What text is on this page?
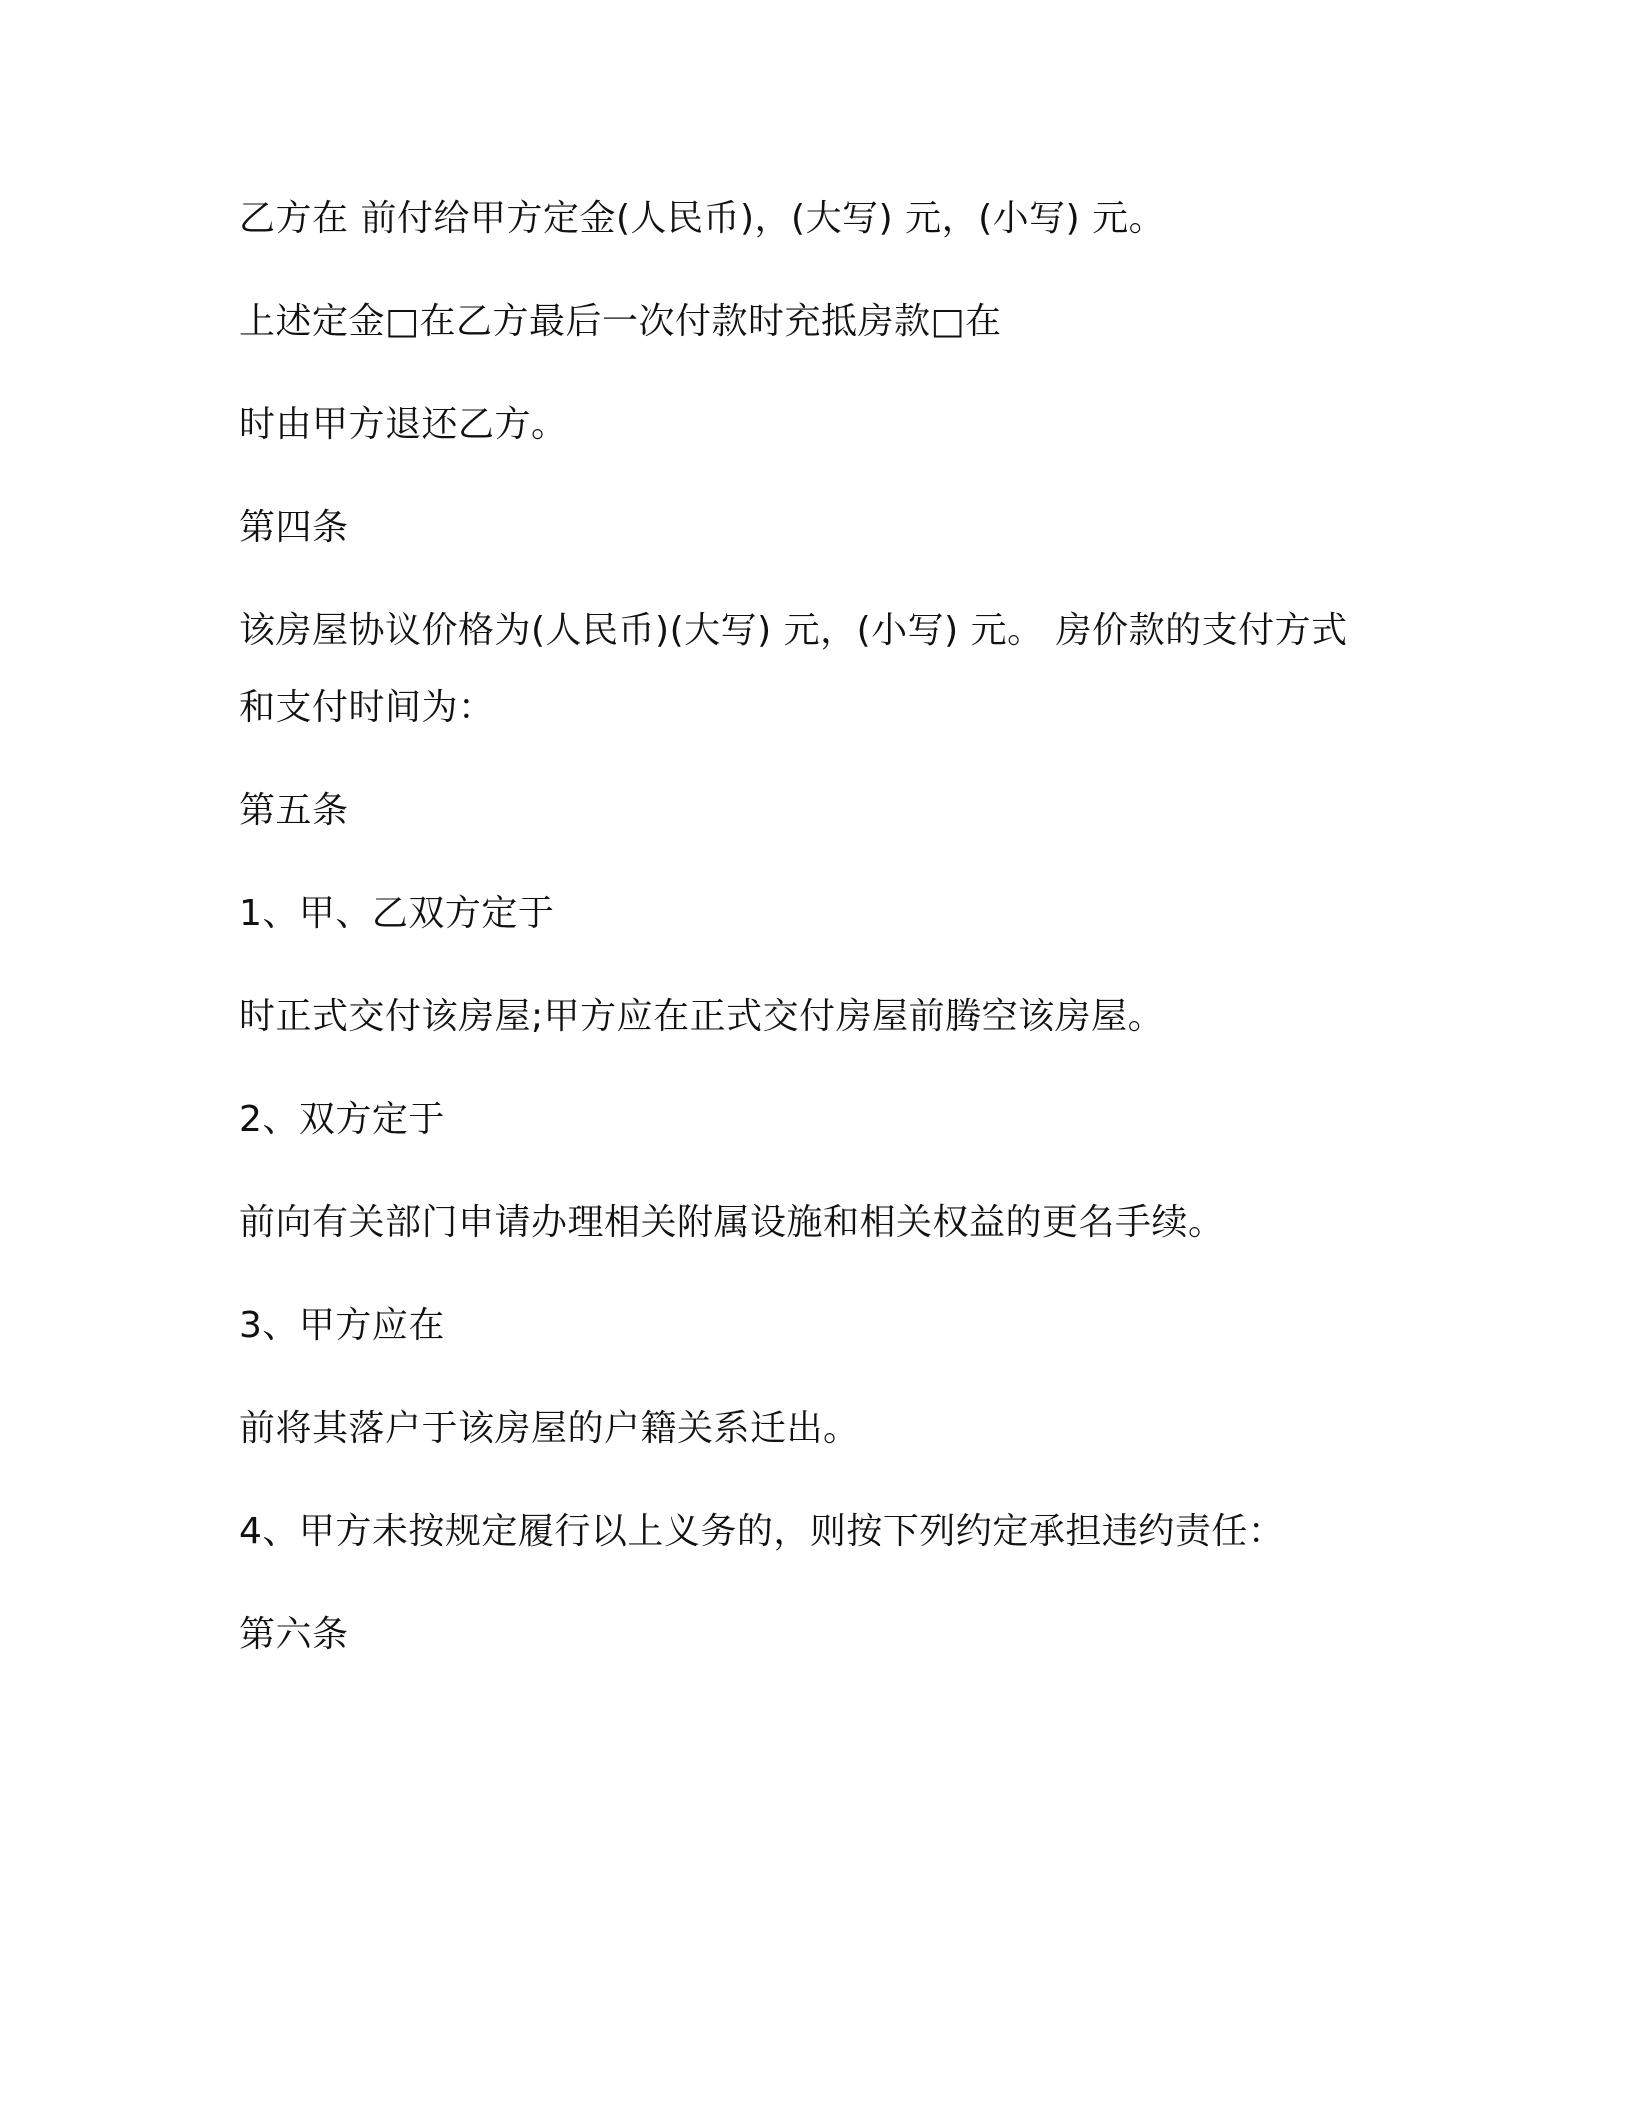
乙方在 前付给甲方定金(人民币)，(大写) 元，(小写) 元。
上述定金□在乙方最后一次付款时充抵房款□在
时由甲方退还乙方。
第四条
该房屋协议价格为(人民币)(大写) 元，(小写) 元。 房价款的支付方式
和支付时间为：
第五条
1、甲、乙双方定于
时正式交付该房屋;甲方应在正式交付房屋前腾空该房屋。
2、双方定于
前向有关部门申请办理相关附属设施和相关权益的更名手续。
3、甲方应在
前将其落户于该房屋的户籍关系迁出。
4、甲方未按规定履行以上义务的，则按下列约定承担违约责任：
第六条
